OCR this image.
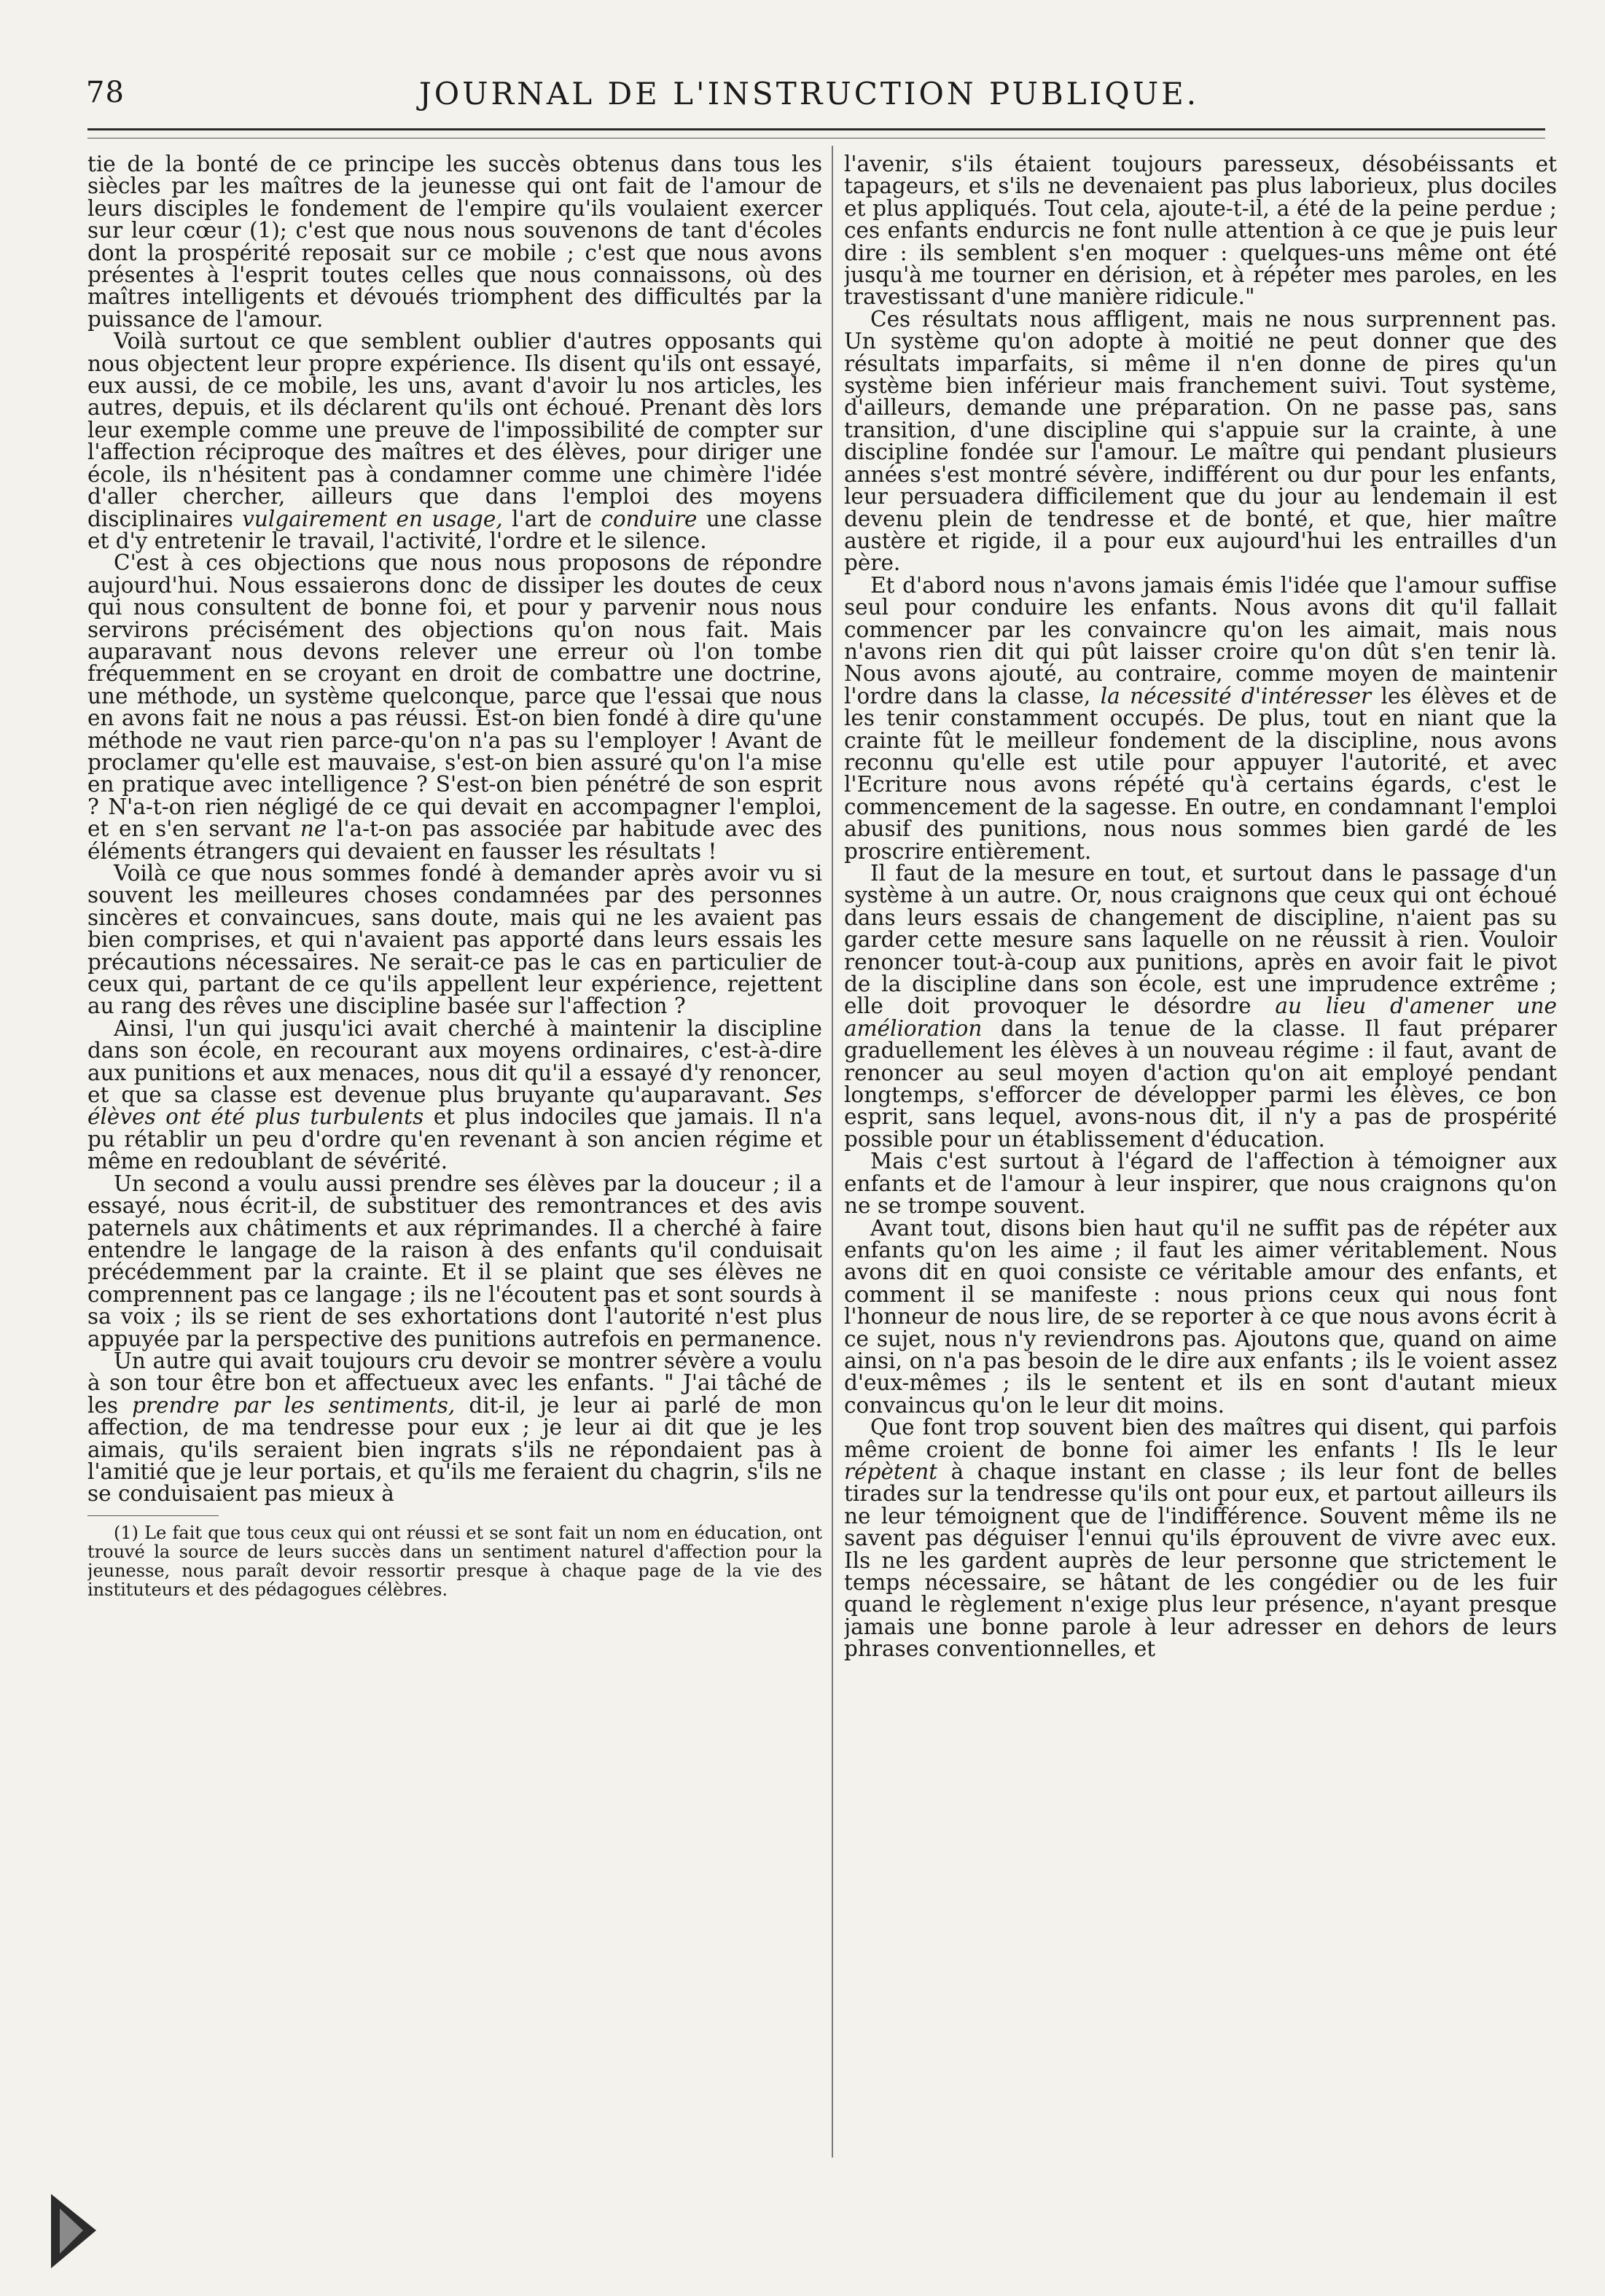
78	JOURNAL DE L'INSTRUCTION PUBLIQUE.

tie de la bonté de ce principe les succès obtenus dans tous les siècles par les maîtres de la jeunesse qui ont fait de l'amour de leurs disciples le fondement de l'empire qu'ils voulaient exercer sur leur cœur (1); c'est que nous nous souvenons de tant d'écoles dont la prospérité reposait sur ce mobile ; c'est que nous avons présentes à l'esprit toutes celles que nous connaissons, où des maîtres intelligents et dévoués triomphent des difficultés par la puissance de l'amour.

Voilà surtout ce que semblent oublier d'autres opposants qui nous objectent leur propre expérience. Ils disent qu'ils ont essayé, eux aussi, de ce mobile, les uns, avant d'avoir lu nos articles, les autres, depuis, et ils déclarent qu'ils ont échoué. Prenant dès lors leur exemple comme une preuve de l'impossibilité de compter sur l'affection réciproque des maîtres et des élèves, pour diriger une école, ils n'hésitent pas à condamner comme une chimère l'idée d'aller chercher, ailleurs que dans l'emploi des moyens disciplinaires vulgairement en usage, l'art de conduire une classe et d'y entretenir le travail, l'activité, l'ordre et le silence.

C'est à ces objections que nous nous proposons de répondre aujourd'hui. Nous essaierons donc de dissiper les doutes de ceux qui nous consultent de bonne foi, et pour y parvenir nous nous servirons précisément des objections qu'on nous fait. Mais auparavant nous devons relever une erreur où l'on tombe fréquemment en se croyant en droit de combattre une doctrine, une méthode, un système quelconque, parce que l'essai que nous en avons fait ne nous a pas réussi. Est-on bien fondé à dire qu'une méthode ne vaut rien parce-qu'on n'a pas su l'employer ! Avant de proclamer qu'elle est mauvaise, s'est-on bien assuré qu'on l'a mise en pratique avec intelligence ? S'est-on bien pénétré de son esprit ? N'a-t-on rien négligé de ce qui devait en accompagner l'emploi, et en s'en servant ne l'a-t-on pas associée par habitude avec des éléments étrangers qui devaient en fausser les résultats !

Voilà ce que nous sommes fondé à demander après avoir vu si souvent les meilleures choses condamnées par des personnes sincères et convaincues, sans doute, mais qui ne les avaient pas bien comprises, et qui n'avaient pas apporté dans leurs essais les précautions nécessaires. Ne serait-ce pas le cas en particulier de ceux qui, partant de ce qu'ils appellent leur expérience, rejettent au rang des rêves une discipline basée sur l'affection ?

Ainsi, l'un qui jusqu'ici avait cherché à maintenir la discipline dans son école, en recourant aux moyens ordinaires, c'est-à-dire aux punitions et aux menaces, nous dit qu'il a essayé d'y renoncer, et que sa classe est devenue plus bruyante qu'auparavant. Ses élèves ont été plus turbulents et plus indociles que jamais. Il n'a pu rétablir un peu d'ordre qu'en revenant à son ancien régime et même en redoublant de sévérité.

Un second a voulu aussi prendre ses élèves par la douceur ; il a essayé, nous écrit-il, de substituer des remontrances et des avis paternels aux châtiments et aux réprimandes. Il a cherché à faire entendre le langage de la raison à des enfants qu'il conduisait précédemment par la crainte. Et il se plaint que ses élèves ne comprennent pas ce langage ; ils ne l'écoutent pas et sont sourds à sa voix ; ils se rient de ses exhortations dont l'autorité n'est plus appuyée par la perspective des punitions autrefois en permanence.

Un autre qui avait toujours cru devoir se montrer sévère a voulu à son tour être bon et affectueux avec les enfants. " J'ai tâché de les prendre par les sentiments, dit-il, je leur ai parlé de mon affection, de ma tendresse pour eux ; je leur ai dit que je les aimais, qu'ils seraient bien ingrats s'ils ne répondaient pas à l'amitié que je leur portais, et qu'ils me feraient du chagrin, s'ils ne se conduisaient pas mieux à

(1) Le fait que tous ceux qui ont réussi et se sont fait un nom en éducation, ont trouvé la source de leurs succès dans un sentiment naturel d'affection pour la jeunesse, nous paraît devoir ressortir presque à chaque page de la vie des instituteurs et des pédagogues célèbres.

l'avenir, s'ils étaient toujours paresseux, désobéissants et tapageurs, et s'ils ne devenaient pas plus laborieux, plus dociles et plus appliqués. Tout cela, ajoute-t-il, a été de la peine perdue ; ces enfants endurcis ne font nulle attention à ce que je puis leur dire : ils semblent s'en moquer : quelques-uns même ont été jusqu'à me tourner en dérision, et à répéter mes paroles, en les travestissant d'une manière ridicule."

Ces résultats nous affligent, mais ne nous surprennent pas. Un système qu'on adopte à moitié ne peut donner que des résultats imparfaits, si même il n'en donne de pires qu'un système bien inférieur mais franchement suivi. Tout système, d'ailleurs, demande une préparation. On ne passe pas, sans transition, d'une discipline qui s'appuie sur la crainte, à une discipline fondée sur l'amour. Le maître qui pendant plusieurs années s'est montré sévère, indifférent ou dur pour les enfants, leur persuadera difficilement que du jour au lendemain il est devenu plein de tendresse et de bonté, et que, hier maître austère et rigide, il a pour eux aujourd'hui les entrailles d'un père.

Et d'abord nous n'avons jamais émis l'idée que l'amour suffise seul pour conduire les enfants. Nous avons dit qu'il fallait commencer par les convaincre qu'on les aimait, mais nous n'avons rien dit qui pût laisser croire qu'on dût s'en tenir là. Nous avons ajouté, au contraire, comme moyen de maintenir l'ordre dans la classe, la nécessité d'intéresser les élèves et de les tenir constamment occupés. De plus, tout en niant que la crainte fût le meilleur fondement de la discipline, nous avons reconnu qu'elle est utile pour appuyer l'autorité, et avec l'Ecriture nous avons répété qu'à certains égards, c'est le commencement de la sagesse. En outre, en condamnant l'emploi abusif des punitions, nous nous sommes bien gardé de les proscrire entièrement.

Il faut de la mesure en tout, et surtout dans le passage d'un système à un autre. Or, nous craignons que ceux qui ont échoué dans leurs essais de changement de discipline, n'aient pas su garder cette mesure sans laquelle on ne réussit à rien. Vouloir renoncer tout-à-coup aux punitions, après en avoir fait le pivot de la discipline dans son école, est une imprudence extrême ; elle doit provoquer le désordre au lieu d'amener une amélioration dans la tenue de la classe. Il faut préparer graduellement les élèves à un nouveau régime : il faut, avant de renoncer au seul moyen d'action qu'on ait employé pendant longtemps, s'efforcer de développer parmi les élèves, ce bon esprit, sans lequel, avons-nous dit, il n'y a pas de prospérité possible pour un établissement d'éducation.

Mais c'est surtout à l'égard de l'affection à témoigner aux enfants et de l'amour à leur inspirer, que nous craignons qu'on ne se trompe souvent.

Avant tout, disons bien haut qu'il ne suffit pas de répéter aux enfants qu'on les aime ; il faut les aimer véritablement. Nous avons dit en quoi consiste ce véritable amour des enfants, et comment il se manifeste : nous prions ceux qui nous font l'honneur de nous lire, de se reporter à ce que nous avons écrit à ce sujet, nous n'y reviendrons pas. Ajoutons que, quand on aime ainsi, on n'a pas besoin de le dire aux enfants ; ils le voient assez d'eux-mêmes ; ils le sentent et ils en sont d'autant mieux convaincus qu'on le leur dit moins.

Que font trop souvent bien des maîtres qui disent, qui parfois même croient de bonne foi aimer les enfants ! Ils le leur répètent à chaque instant en classe ; ils leur font de belles tirades sur la tendresse qu'ils ont pour eux, et partout ailleurs ils ne leur témoignent que de l'indifférence. Souvent même ils ne savent pas déguiser l'ennui qu'ils éprouvent de vivre avec eux. Ils ne les gardent auprès de leur personne que strictement le temps nécessaire, se hâtant de les congédier ou de les fuir quand le règlement n'exige plus leur présence, n'ayant presque jamais une bonne parole à leur adresser en dehors de leurs phrases conventionnelles, et
